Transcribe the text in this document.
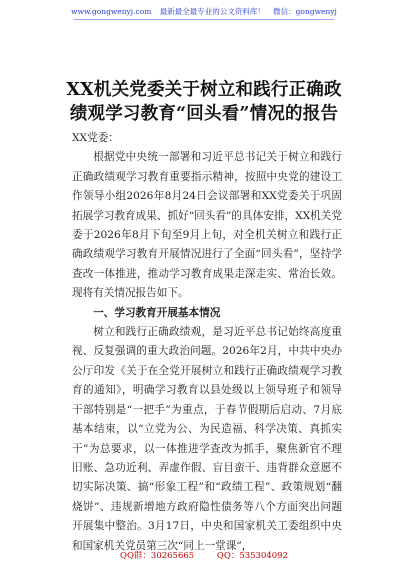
www.gongwenyj.com 最新最全最专业的公文资料库！ 微信：gongwenyj
XX机关党委关于树立和践行正确政
绩观学习教育“回头看”情况的报告

XX党委：

根据党中央统一部署和习近平总书记关于树立和践行正确政绩观学习教育重要指示精神，按照中央党的建设工作领导小组2026年8月24日会议部署和XX党委关于巩固拓展学习教育成果、抓好“回头看”的具体安排，XX机关党委于2026年8月下旬至9月上旬，对全机关树立和践行正确政绩观学习教育开展情况进行了全面“回头看”，坚持学查改一体推进，推动学习教育成果走深走实、常治长效。现将有关情况报告如下。

一、学习教育开展基本情况

树立和践行正确政绩观，是习近平总书记始终高度重视、反复强调的重大政治问题。2026年2月，中共中央办公厅印发《关于在全党开展树立和践行正确政绩观学习教育的通知》，明确学习教育以县处级以上领导班子和领导干部特别是“一把手”为重点，于春节假期后启动、7月底基本结束，以“立党为公、为民造福、科学决策、真抓实干”为总要求，以一体推进学查改为抓手，聚焦新官不理旧账、急功近利、弄虚作假、盲目蛮干、违背群众意愿不切实际决策、搞“形象工程”和“政绩工程”、政策规划“翻烧饼”、违规新增地方政府隐性债务等八个方面突出问题开展集中整治。3月17日，中央和国家机关工委组织中央和国家机关党员第三次“同上一堂课”，

QQ群：30265665	QQ：535304092
